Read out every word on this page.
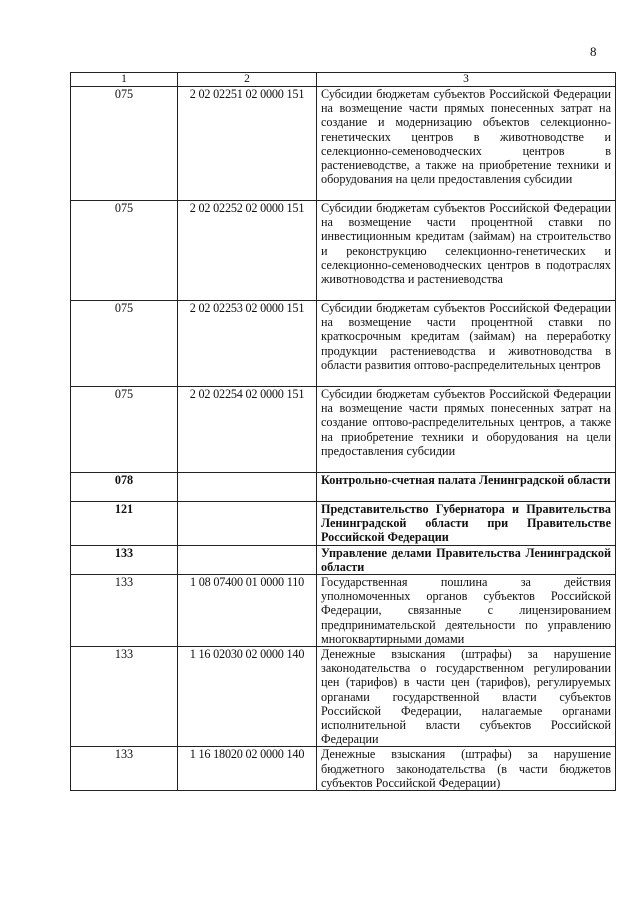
8
1	2	3
075	2 02 02251 02 0000 151	Субсидии бюджетам субъектов Российской Федерации на возмещение части прямых понесенных затрат на создание и модернизацию объектов селекционно-генетических центров в животноводстве и селекционно-семеноводческих центров в растениеводстве, а также на приобретение техники и оборудования на цели предоставления субсидии
075	2 02 02252 02 0000 151	Субсидии бюджетам субъектов Российской Федерации на возмещение части процентной ставки по инвестиционным кредитам (займам) на строительство и реконструкцию селекционно-генетических и селекционно-семеноводческих центров в подотраслях животноводства и растениеводства
075	2 02 02253 02 0000 151	Субсидии бюджетам субъектов Российской Федерации на возмещение части процентной ставки по краткосрочным кредитам (займам) на переработку продукции растениеводства и животноводства в области развития оптово-распределительных центров
075	2 02 02254 02 0000 151	Субсидии бюджетам субъектов Российской Федерации на возмещение части прямых понесенных затрат на создание оптово-распределительных центров, а также на приобретение техники и оборудования на цели предоставления субсидии
078		Контрольно-счетная палата Ленинградской области
121		Представительство Губернатора и Правительства Ленинградской области при Правительстве Российской Федерации
133		Управление делами Правительства Ленинградской области
133	1 08 07400 01 0000 110	Государственная пошлина за действия уполномоченных органов субъектов Российской Федерации, связанные с лицензированием предпринимательской деятельности по управлению многоквартирными домами
133	1 16 02030 02 0000 140	Денежные взыскания (штрафы) за нарушение законодательства о государственном регулировании цен (тарифов) в части цен (тарифов), регулируемых органами государственной власти субъектов Российской Федерации, налагаемые органами исполнительной власти субъектов Российской Федерации
133	1 16 18020 02 0000 140	Денежные взыскания (штрафы) за нарушение бюджетного законодательства (в части бюджетов субъектов Российской Федерации)
